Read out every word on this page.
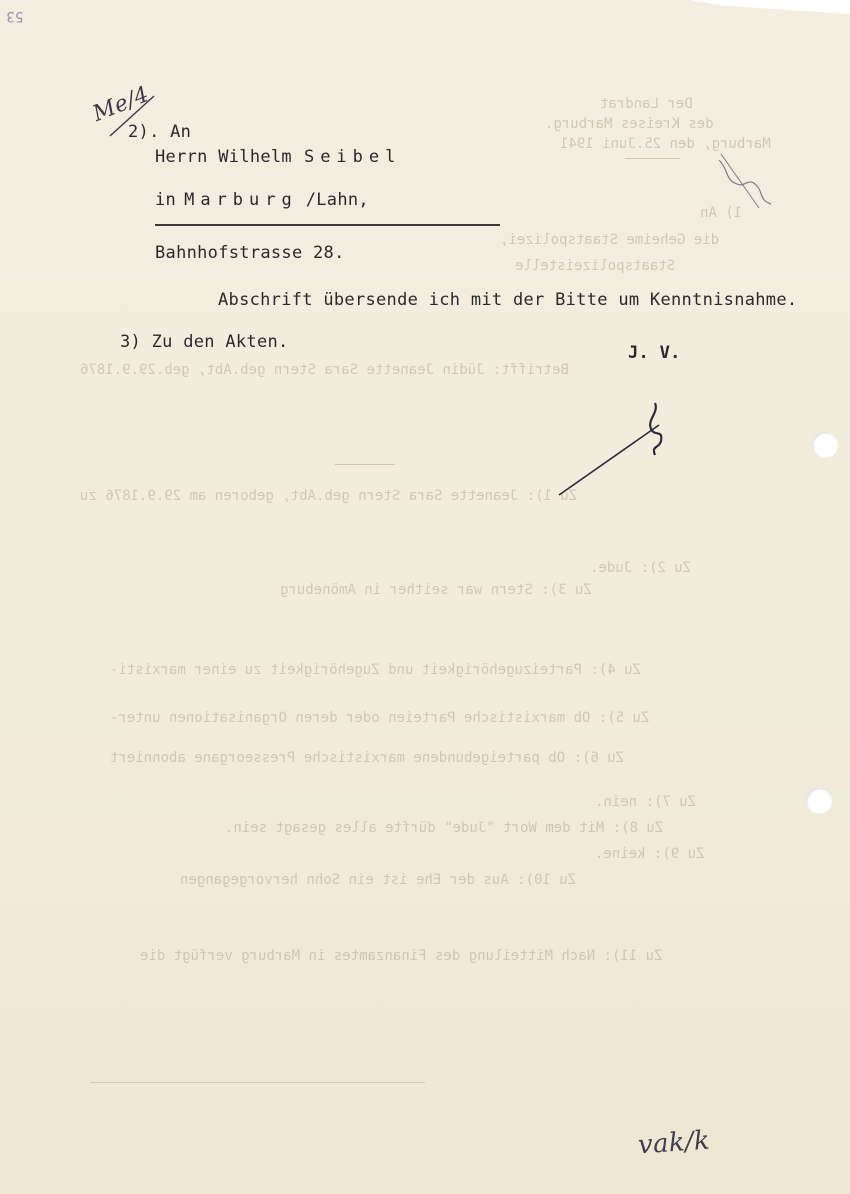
Der Landrat
des Kreises Marburg.
Marburg, den 25.Juni 1941
1) An
die Geheime Staatspolizei,
Staatspolizeistelle
Betrifft: Jüdin Jeanette Sara Stern geb.Abt, geb.29.9.1876
Zu 1): Jeanette Sara Stern geb.Abt, geboren am 29.9.1876 zu
Zu 2): Jude.
Zu 3): Stern war seither in Amöneburg
Zu 4): Parteizugehörigkeit und Zugehörigkeit zu einer marxisti-
Zu 5): Ob marxistische Parteien oder deren Organisationen unter-
Zu 6): Ob parteigebundene marxistische Presseorgane abonniert
Zu 7): nein.
Zu 8): Mit dem Wort "Jude" dürfte alles gesagt sein.
Zu 9): keine.
Zu 10): Aus der Ehe ist ein Sohn hervorgegangen
Zu 11): Nach Mitteilung des Finanzamtes in Marburg verfügt die
53
Me/4
2). An
Herrn Wilhelm Seibel
in Marburg /Lahn,
Bahnhofstrasse 28.
Abschrift übersende ich mit der Bitte um Kenntnisnahme.
3) Zu den Akten.
J. V.
vak/k
